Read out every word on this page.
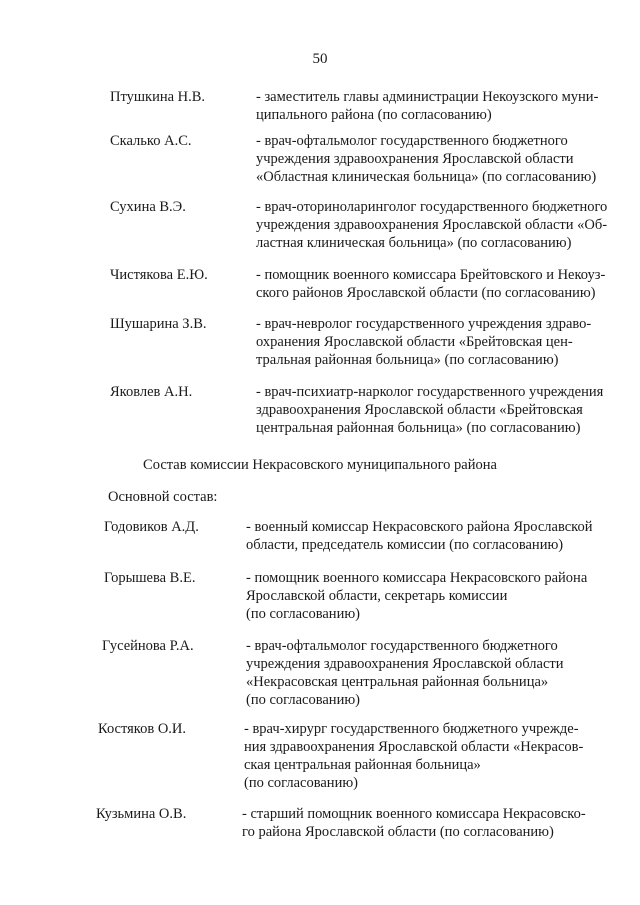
50
Птушкина Н.В.	- заместитель главы администрации Некоузского муни-
ципального района (по согласованию)
Скалько А.С.	- врач-офтальмолог государственного бюджетного
учреждения здравоохранения Ярославской области
«Областная клиническая больница» (по согласованию)
Сухина В.Э.	- врач-оториноларинголог государственного бюджетного
учреждения здравоохранения Ярославской области «Об-
ластная клиническая больница» (по согласованию)
Чистякова Е.Ю.	- помощник военного комиссара Брейтовского и Некоуз-
ского районов Ярославской области (по согласованию)
Шушарина З.В.	- врач-невролог государственного учреждения здраво-
охранения Ярославской области «Брейтовская цен-
тральная районная больница» (по согласованию)
Яковлев А.Н.	- врач-психиатр-нарколог государственного учреждения
здравоохранения Ярославской области «Брейтовская
центральная районная больница» (по согласованию)
Состав комиссии Некрасовского муниципального района
Основной состав:
Годовиков А.Д.	- военный комиссар Некрасовского района Ярославской
области, председатель комиссии (по согласованию)
Горышева В.Е.	- помощник военного комиссара Некрасовского района
Ярославской области, секретарь комиссии
(по согласованию)
Гусейнова Р.А.	- врач-офтальмолог государственного бюджетного
учреждения здравоохранения Ярославской области
«Некрасовская центральная районная больница»
(по согласованию)
Костяков О.И.	- врач-хирург государственного бюджетного учрежде-
ния здравоохранения Ярославской области «Некрасов-
ская центральная районная больница»
(по согласованию)
Кузьмина О.В.	- старший помощник военного комиссара Некрасовско-
го района Ярославской области (по согласованию)
